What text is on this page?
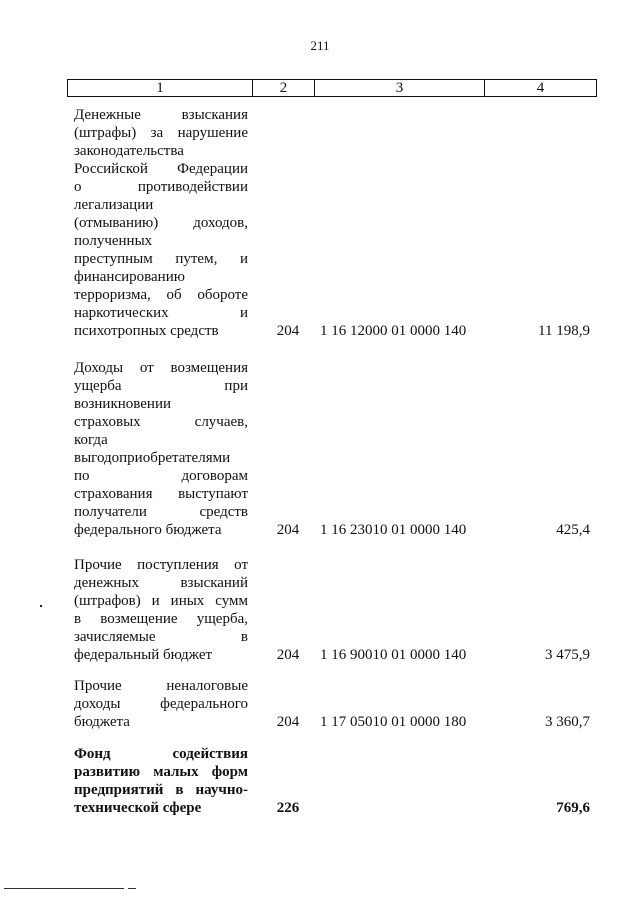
211
1	2	3	4
Денежные взыскания
(штрафы) за нарушение
законодательства
Российской Федерации
о противодействии
легализации
(отмыванию) доходов,
полученных
преступным путем, и
финансированию
терроризма, об обороте
наркотических и
психотропных средств	204 1 16 12000 01 0000 140	11 198,9
Доходы от возмещения
ущерба при
возникновении
страховых случаев,
когда
выгодоприобретателями
по договорам
страхования выступают
получатели средств
федерального бюджета	204 1 16 23010 01 0000 140	425,4
Прочие поступления от
денежных взысканий
(штрафов) и иных сумм
в возмещение ущерба,
зачисляемые в
федеральный бюджет	204 1 16 90010 01 0000 140	3 475,9
Прочие неналоговые
доходы федерального
бюджета	204 1 17 05010 01 0000 180	3 360,7
Фонд содействия
развитию малых форм
предприятий в научно-
технической сфере	226	769,6
